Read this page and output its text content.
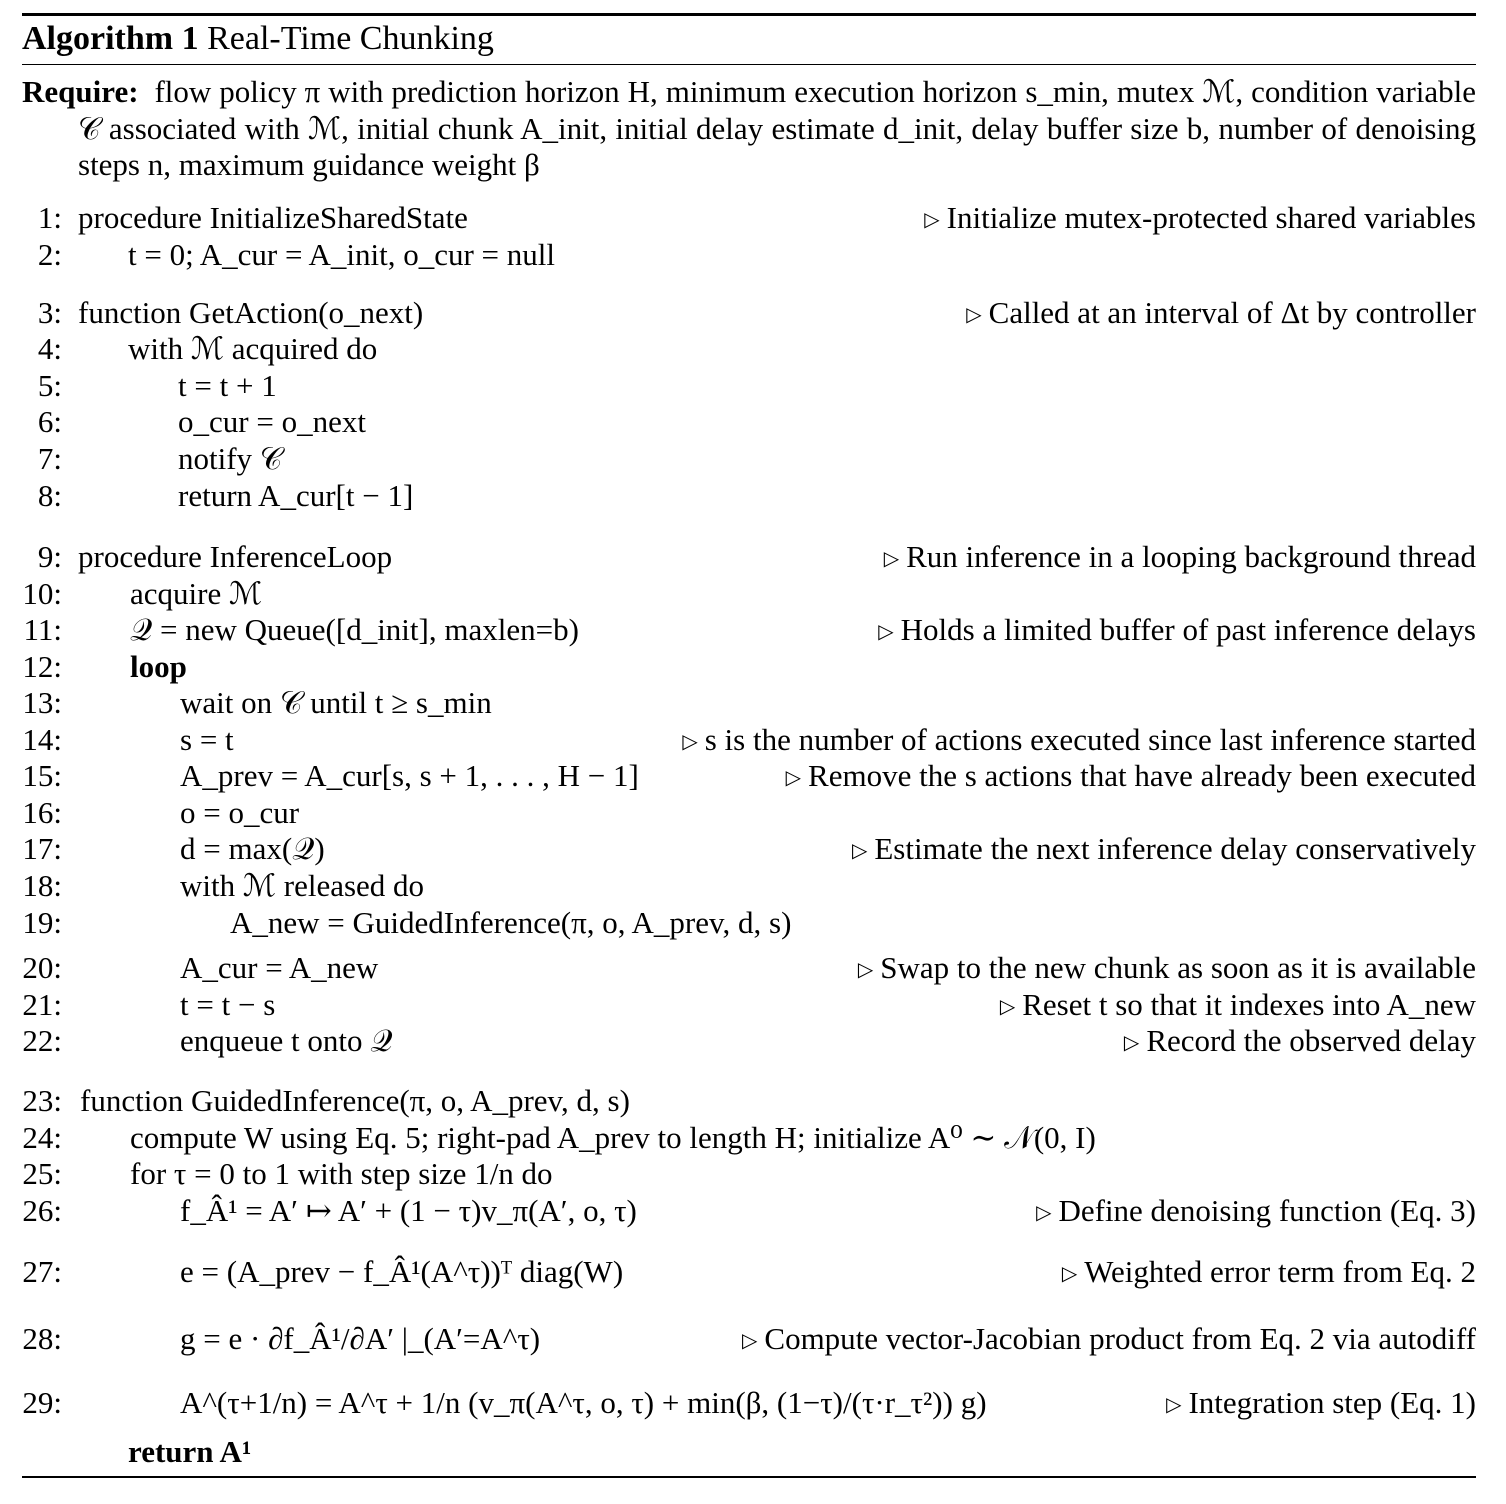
Algorithm 1 Real-Time Chunking
Require: flow policy π with prediction horizon H, minimum execution horizon s_min, mutex ℳ, condition variable 𝒞 associated with ℳ, initial chunk A_init, initial delay estimate d_init, delay buffer size b, number of denoising steps n, maximum guidance weight β
1: procedure InitializeSharedState	▷ Initialize mutex-protected shared variables
2: t = 0; A_cur = A_init, o_cur = null
3: function GetAction(o_next)	▷ Called at an interval of Δt by controller
4: with ℳ acquired do
5:	t = t + 1
6:	o_cur = o_next
7:	notify 𝒞
8:	return A_cur[t − 1]
9: procedure InferenceLoop	▷ Run inference in a looping background thread
10: acquire ℳ
11: 𝒬 = new Queue([d_init], maxlen=b)	▷ Holds a limited buffer of past inference delays
12: loop
13:	wait on 𝒞 until t ≥ s_min
14:	s = t	▷ s is the number of actions executed since last inference started
15:	A_prev = A_cur[s, s + 1, . . . , H − 1]	▷ Remove the s actions that have already been executed
16:	o = o_cur
17:	d = max(𝒬)	▷ Estimate the next inference delay conservatively
18:	with ℳ released do
19:	A_new = GuidedInference(π, o, A_prev, d, s)
20:	A_cur = A_new	▷ Swap to the new chunk as soon as it is available
21:	t = t − s	▷ Reset t so that it indexes into A_new
22:	enqueue t onto 𝒬	▷ Record the observed delay
23: function GuidedInference(π, o, A_prev, d, s)
24: compute W using Eq. 5; right-pad A_prev to length H; initialize A⁰ ∼ 𝒩(0, I)
25: for τ = 0 to 1 with step size 1/n do
26:	f_Â¹ = A′ ↦ A′ + (1 − τ)v_π(A′, o, τ)	▷ Define denoising function (Eq. 3)
27:	e = (A_prev − f_Â¹(A^τ))ᵀ diag(W)	▷ Weighted error term from Eq. 2
28:	g = e · ∂f_Â¹/∂A′ |_(A′=A^τ)	▷ Compute vector-Jacobian product from Eq. 2 via autodiff
29:	A^(τ+1/n) = A^τ + 1/n (v_π(A^τ, o, τ) + min(β, (1−τ)/(τ·r_τ²)) g)	▷ Integration step (Eq. 1)
return A¹
